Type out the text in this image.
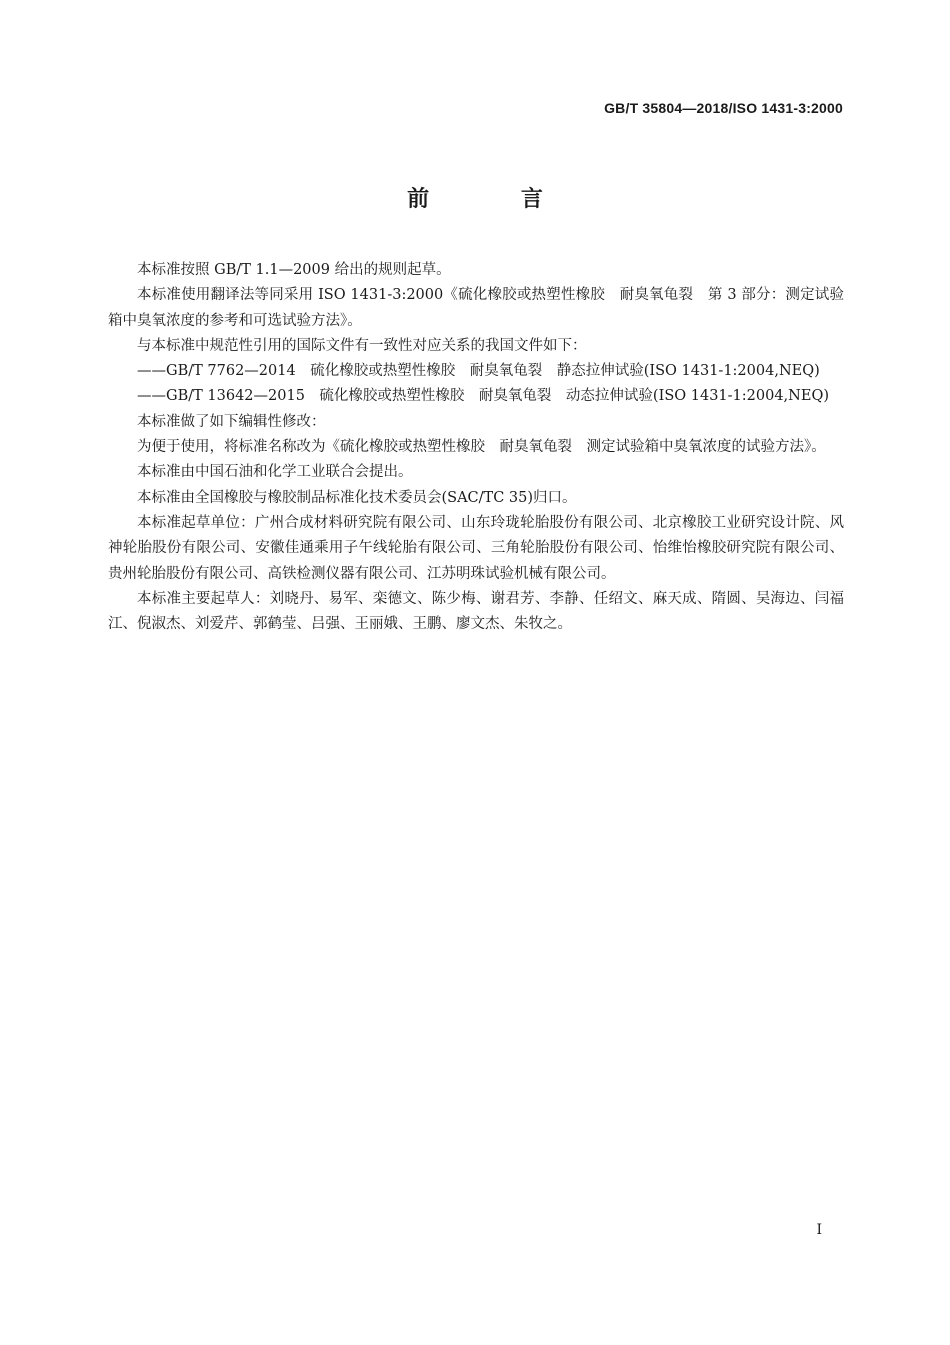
GB/T 35804—2018/ISO 1431-3:2000
前 言

本标准按照 GB/T 1.1—2009 给出的规则起草。

本标准使用翻译法等同采用 ISO 1431-3:2000《硫化橡胶或热塑性橡胶　耐臭氧龟裂　第 3 部分：测定试验箱中臭氧浓度的参考和可选试验方法》。

与本标准中规范性引用的国际文件有一致性对应关系的我国文件如下：

——GB/T 7762—2014　硫化橡胶或热塑性橡胶　耐臭氧龟裂　静态拉伸试验(ISO 1431-1:2004,NEQ)

——GB/T 13642—2015　硫化橡胶或热塑性橡胶　耐臭氧龟裂　动态拉伸试验(ISO 1431-1:2004,NEQ)

本标准做了如下编辑性修改：

为便于使用，将标准名称改为《硫化橡胶或热塑性橡胶　耐臭氧龟裂　测定试验箱中臭氧浓度的试验方法》。

本标准由中国石油和化学工业联合会提出。

本标准由全国橡胶与橡胶制品标准化技术委员会(SAC/TC 35)归口。

本标准起草单位：广州合成材料研究院有限公司、山东玲珑轮胎股份有限公司、北京橡胶工业研究设计院、风神轮胎股份有限公司、安徽佳通乘用子午线轮胎有限公司、三角轮胎股份有限公司、怡维怡橡胶研究院有限公司、贵州轮胎股份有限公司、高铁检测仪器有限公司、江苏明珠试验机械有限公司。

本标准主要起草人：刘晓丹、易军、栾德文、陈少梅、谢君芳、李静、任绍文、麻天成、隋圆、吴海边、闫福江、倪淑杰、刘爱芹、郭鹤莹、吕强、王丽娥、王鹏、廖文杰、朱牧之。

I
